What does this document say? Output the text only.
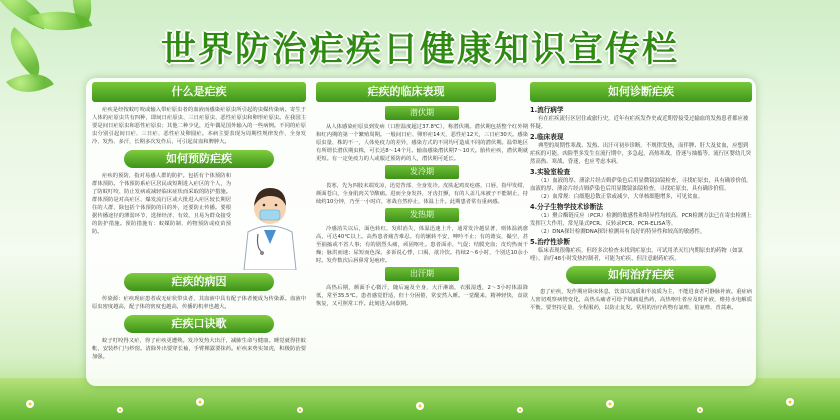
世界防治疟疾日健康知识宣传栏
什么是疟疾
疟疾是经按蚊叮咬或输入带疟原虫者的血液而感染疟原虫所引起的虫媒传染病。寄生于人体的疟原虫共有四种，即间日疟原虫、三日疟原虫、恶性疟原虫和卵形疟原虫。在我国主要是间日疟原虫和恶性疟原虫；其他二种少见，近年偶见国外输入的一些病例。不同的疟原虫分别引起间日疟、三日疟、恶性疟及卵圆疟。本病主要表现为周期性规律发作，全身发冷、发热、多汗，长期多次发作后，可引起贫血和脾肿大。
如何预防疟疾
疟疾的预防，指对易感人群的防护。包括有个体预防和群体预防。个体预防系疟区居民或短期进入疟区的个人，为了防蚊叮咬、防止发病或减轻临床症状而采取的防护措施。群体预防是对高疟区、爆发流行区或大批进入疟区较长期居住的人群，除包括个体预防的目的外，还要防止传播。要根据传播途径的薄弱环节，选择经济、有效，且易为群众接受的防护措施。预防措施有：蚊媒防制、药物预防或疫苗预防。
疟疾的病因
传染源：疟疾现症患者或无症状带虫者，其血液中具有配子体者便成为传染源。血液中原虫密度越高，配子体的密度也越高，传播的机率也越大。
疟疾口诀歌
蚊子叮咬得又疟，得了疟疾更遭殃。发冷发热大出汗，减肺生命与健康。睡觉就得挂蚊帐，安装纱门与纱窗。清除外出要穿长袖，手臂裸露要抹药。疟疾来势实如虎，积极防治要加强。
疟疾的临床表现
潜伏期
从人体感染疟原虫到发病（口腔温度超过37.8℃），称潜伏期。潜伏期包括整个红外期和红内期的第一个繁殖周期。一般间日疟、卵形疟14天，恶性疟12天，三日疟30天。感染原虫量、株的不一，人体免疫力的差异，感染方式的不同均可造成不同的潜伏期。温带地区有所谓长潜伏期虫株，可长达8～14个月。输血感染潜伏期7～10天。胎传疟疾，潜伏期就更短。有一定免疫力的人或服过预防药的人，潜伏期可延长。
发冷期
畏寒，先为四肢末端发凉，迅觉背部、全身发冷。皮肤起鸡皮疙瘩，口唇，指甲发绀，颜面苍白，全身肌肉关节酸痛。进而全身发抖，牙齿打颤，有的人盖几床被子不能制止，持续约10分钟，乃至一小时许，寒战自然停止，体温上升。此期患者常有重病感。
发热期
冷感消失以后，面色转红，发绀消失，体温迅速上升，通常发冷越显著，则体温就愈高，可达40℃以上。高热患者痛苦难忍。有的辗转不安，呻吟不止；有的谵妄，撮空，甚至抽搐或不省人事；有的剧烈头痛，顽固呕吐。患者面赤，气促；结膜充血；皮灼热而干燥；脉洪而速；尿短而色深。多诉说心悸，口渴，欲冷饮。持续2～6小时，个别达10余小时。发作数次后唇鼻常见疱疹。
出汗期
高热后期，颜面手心微汗，随后遍及全身，大汗淋漓，衣服湿透，2～3小时体温降低，常至35.5℃。患者感觉舒适，但十分困倦，常安然入睡。一觉醒来，精神轻快，食欲恢复，又可照常工作。此刻进入间歇期。
如何诊断疟疾
1.流行病学
有在疟疾流行区居住或旅行史，近年有疟疾发作史或近期曾接受过输血的发热患者都应被怀疑。
2.临床表现
典型的周期性寒战、发热、出汗可初步诊断。不规律发热，而伴脾、肝大及贫血，应想到疟疾的可能。凶险型多发生在流行期中，多急起，高热寒战，昏迷与抽搐等。流行区婴幼儿突然高热、寒战、昏迷，也应考虑本病。
3.实验室检查
（1）血液的厚、薄涂片经吉姆萨染色后用显微镜油镜检查，寻找疟原虫，具有确诊价值。血液的厚、薄涂片经吉姆萨染色后用显微镜油镜检查，寻找疟原虫，具有确诊价值。
（2）血常规：白细胞总数正常或减少，大单核细胞增多，可见贫血。
4.分子生物学技术诊断法
（1）聚合酶链反应（PCR）检测的敏感性和特异性均较高。PCR检测方法已在寄虫检测上发挥巨大作用，常见巢式PCR、反转录PCR、PCR-ELISA等。
（2）DNA探针检测DNA探针检测具有良好的特异性和较高的敏感性。
5.治疗性诊断
临床表现很像疟疾，但经多次检查未找到疟原虫，可试用杀灭红内期原虫的药物（如氯喹），治疗48小时发热控制者，可能为疟疾，但注意耐药疟疾。
如何治疗疟疾
患了疟疾，发作期应卧床休息，饮食以流质和半流质为主，不能进食者可静脉补液。重症病人密切观察病情变化，高热头痛者可给予镇痛退热药，高热呕吐者应及时补液，维持水电解质平衡。要坚持足量、全程服药，以防止复发。常用的治疗药物有氯喹、伯氨喹、青蒿素。
